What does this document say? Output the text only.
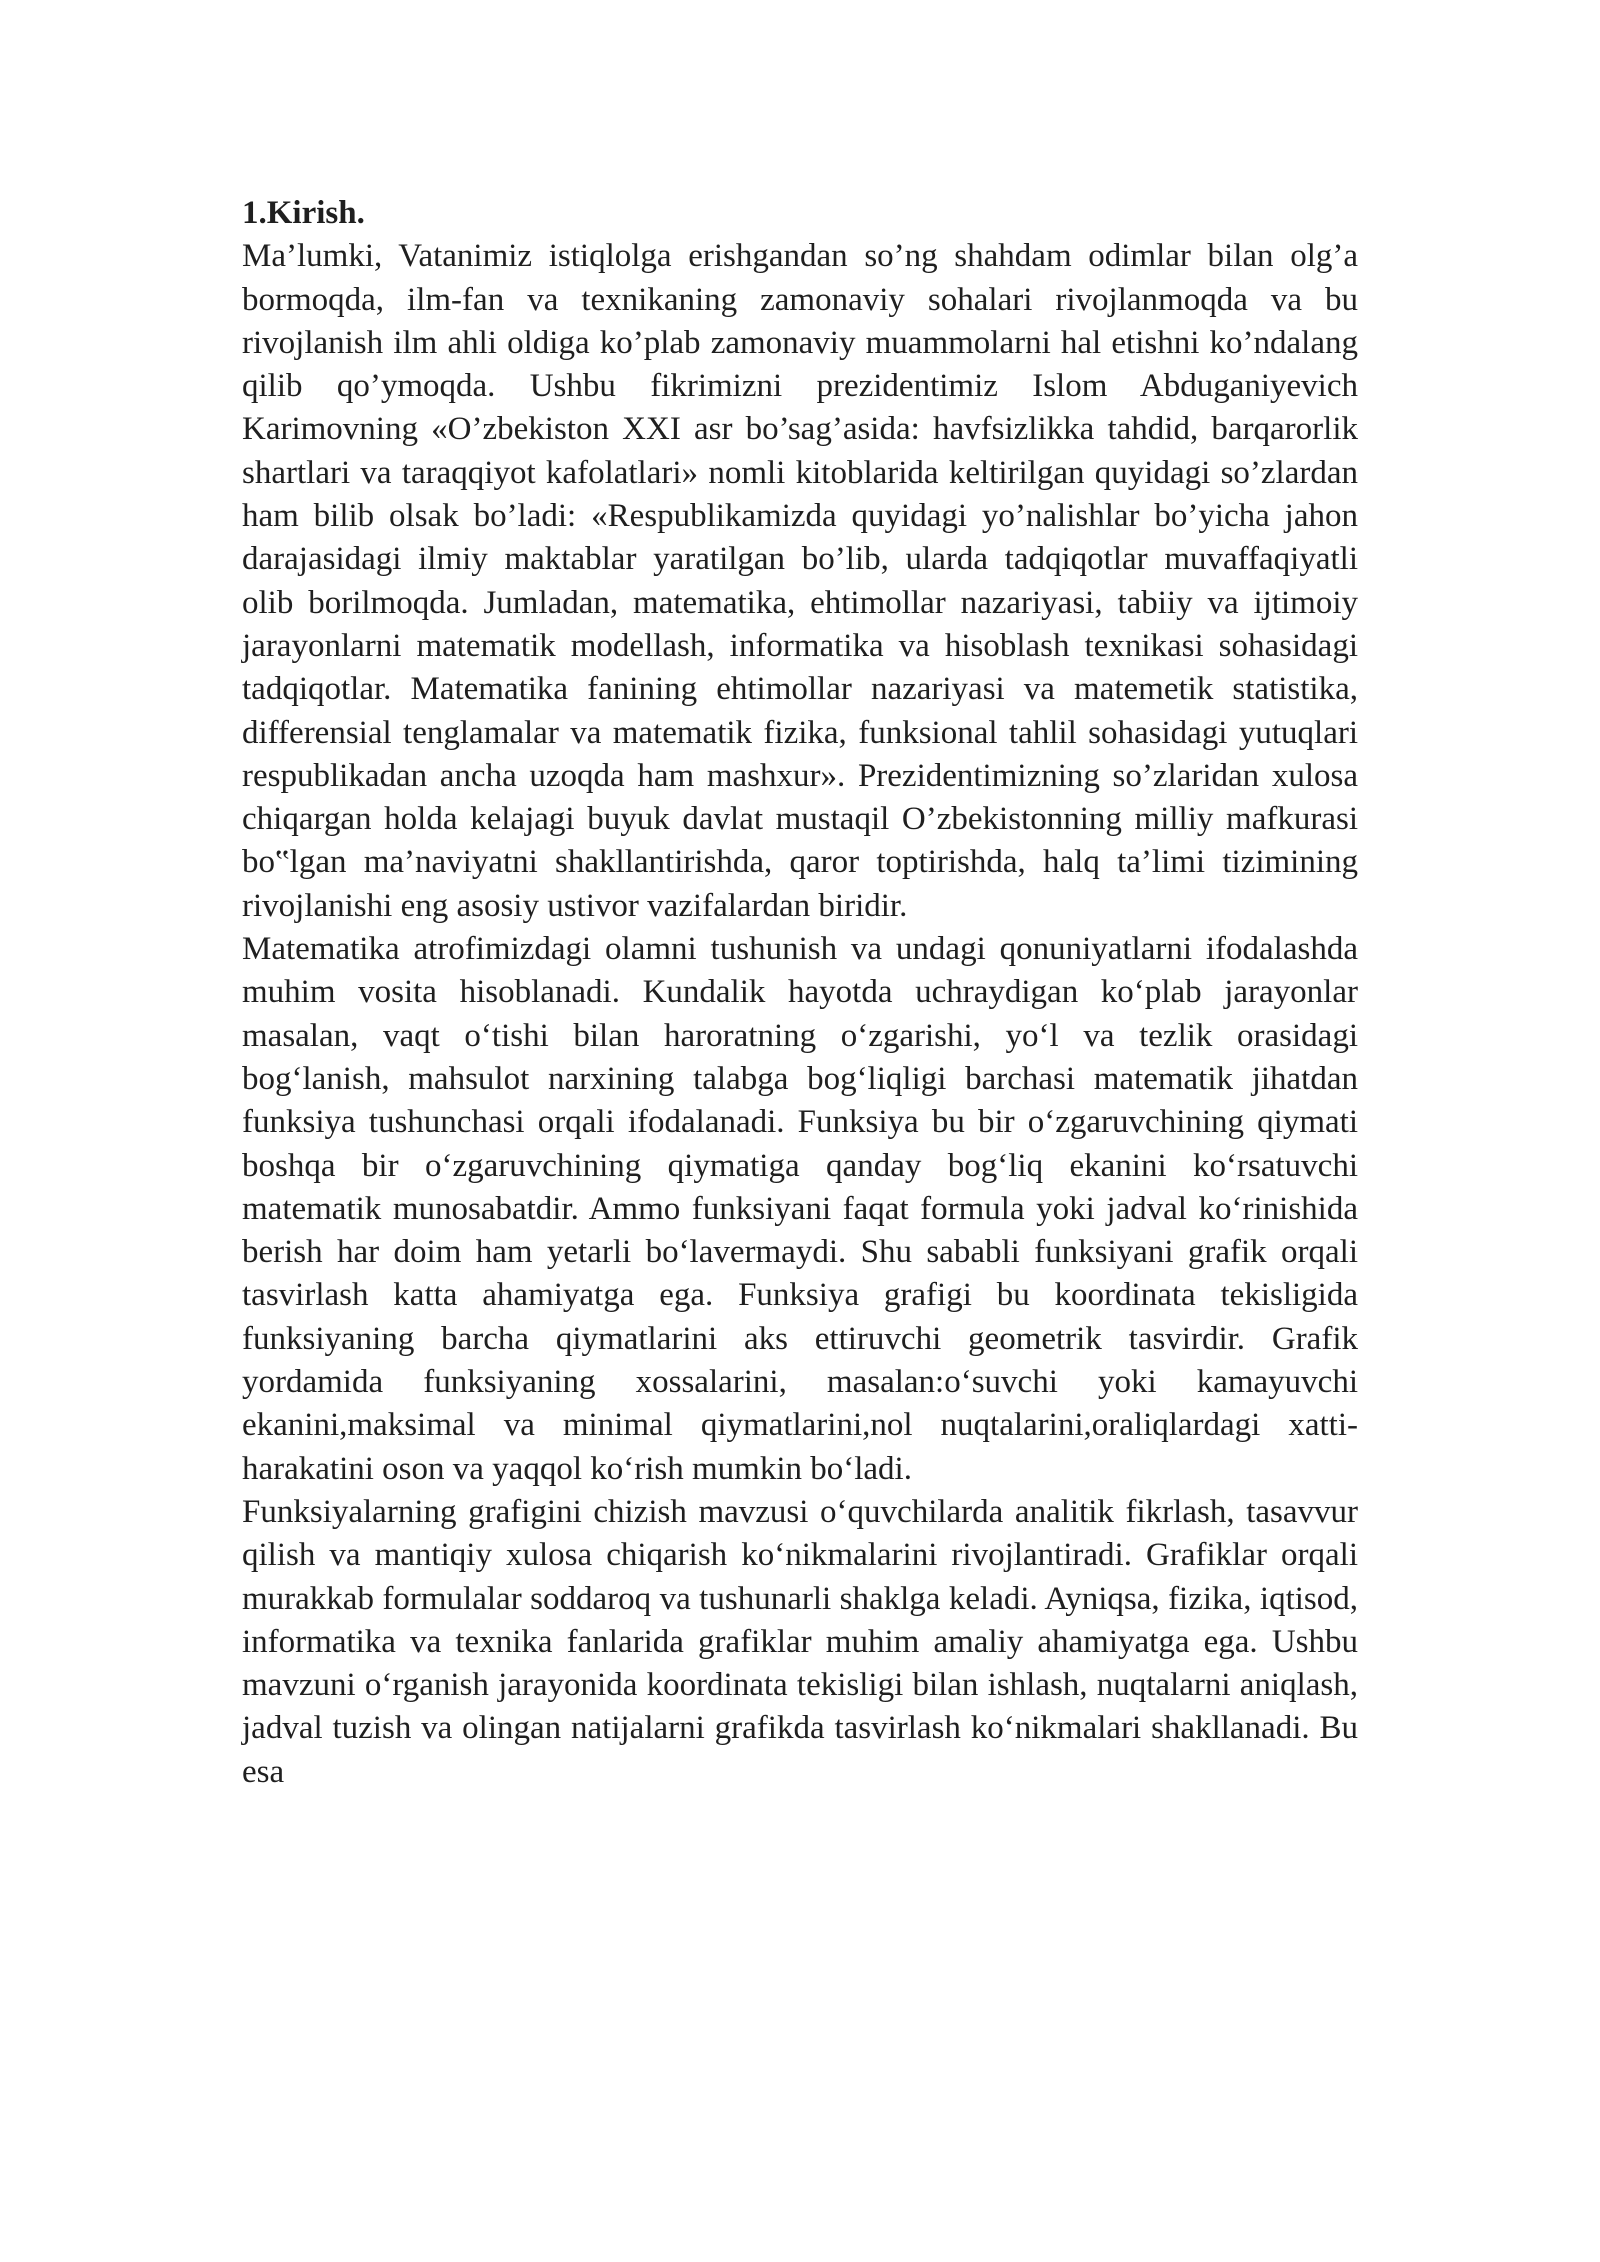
1.Kirish.

Ma’lumki, Vatanimiz istiqlolga erishgandan so’ng shahdam odimlar bilan olg’a bormoqda, ilm-fan va texnikaning zamonaviy sohalari rivojlanmoqda va bu rivojlanish ilm ahli oldiga ko’plab zamonaviy muammolarni hal etishni ko’ndalang qilib qo’ymoqda. Ushbu fikrimizni prezidentimiz Islom Abduganiyevich Karimovning «O’zbekiston XXI asr bo’sag’asida: havfsizlikka tahdid, barqarorlik shartlari va taraqqiyot kafolatlari» nomli kitoblarida keltirilgan quyidagi so’zlardan ham bilib olsak bo’ladi: «Respublikamizda quyidagi yo’nalishlar bo’yicha jahon darajasidagi ilmiy maktablar yaratilgan bo’lib, ularda tadqiqotlar muvaffaqiyatli olib borilmoqda. Jumladan, matematika, ehtimollar nazariyasi, tabiiy va ijtimoiy jarayonlarni matematik modellash, informatika va hisoblash texnikasi sohasidagi tadqiqotlar. Matematika fanining ehtimollar nazariyasi va matemetik statistika, differensial tenglamalar va matematik fizika, funksional tahlil sohasidagi yutuqlari respublikadan ancha uzoqda ham mashxur». Prezidentimizning so’zlaridan xulosa chiqargan holda kelajagi buyuk davlat mustaqil O’zbekistonning milliy mafkurasi bo‟lgan ma’naviyatni shakllantirishda, qaror toptirishda, halq ta’limi tizimining rivojlanishi eng asosiy ustivor vazifalardan biridir.

Matematika atrofimizdagi olamni tushunish va undagi qonuniyatlarni ifodalashda muhim vosita hisoblanadi. Kundalik hayotda uchraydigan ko‘plab jarayonlar masalan, vaqt o‘tishi bilan haroratning o‘zgarishi, yo‘l va tezlik orasidagi bog‘lanish, mahsulot narxining talabga bog‘liqligi barchasi matematik jihatdan funksiya tushunchasi orqali ifodalanadi. Funksiya bu bir o‘zgaruvchining qiymati boshqa bir o‘zgaruvchining qiymatiga qanday bog‘liq ekanini ko‘rsatuvchi matematik munosabatdir. Ammo funksiyani faqat formula yoki jadval ko‘rinishida berish har doim ham yetarli bo‘lavermaydi. Shu sababli funksiyani grafik orqali tasvirlash katta ahamiyatga ega. Funksiya grafigi bu koordinata tekisligida funksiyaning barcha qiymatlarini aks ettiruvchi geometrik tasvirdir. Grafik yordamida funksiyaning xossalarini, masalan:o‘suvchi yoki kamayuvchi ekanini,maksimal va minimal qiymatlarini,nol nuqtalarini,oraliqlardagi xatti-harakatini oson va yaqqol ko‘rish mumkin bo‘ladi.

Funksiyalarning grafigini chizish mavzusi o‘quvchilarda analitik fikrlash, tasavvur qilish va mantiqiy xulosa chiqarish ko‘nikmalarini rivojlantiradi. Grafiklar orqali murakkab formulalar soddaroq va tushunarli shaklga keladi. Ayniqsa, fizika, iqtisod, informatika va texnika fanlarida grafiklar muhim amaliy ahamiyatga ega. Ushbu mavzuni o‘rganish jarayonida koordinata tekisligi bilan ishlash, nuqtalarni aniqlash, jadval tuzish va olingan natijalarni grafikda tasvirlash ko‘nikmalari shakllanadi. Bu esa
